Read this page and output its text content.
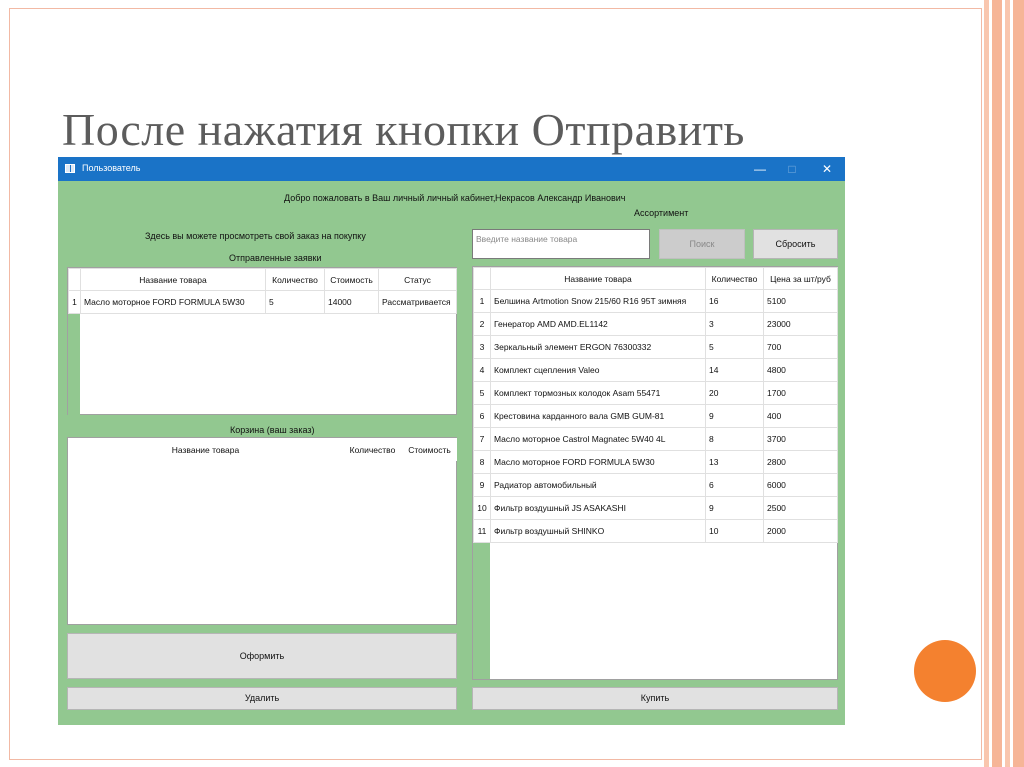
После нажатия кнопки Отправить
Пользователь	—	□	✕
Добро пожаловать в Ваш личный личный кабинет, Некрасов Александр Иванович
Ассортимент
Здесь вы можете просмотреть свой заказ на покупку
Отправленные заявки
Введите название товара	Поиск	Сбросить
	Название товара	Количество	Стоимость	Статус
1	Масло моторное FORD FORMULA 5W30	5	14000	Рассматривается
Корзина (ваш заказ)
Название товара	Количество	Стоимость
Оформить
Удалить
	Название товара	Количество	Цена за шт/руб
1	Белшина Artmotion Snow 215/60 R16 95T зимняя	16	5100
2	Генератор AMD AMD.EL1142	3	23000
3	Зеркальный элемент ERGON 76300332	5	700
4	Комплект сцепления Valeo	14	4800
5	Комплект тормозных колодок Asam 55471	20	1700
6	Крестовина карданного вала GMB GUM-81	9	400
7	Масло моторное Castrol Magnatec 5W40 4L	8	3700
8	Масло моторное FORD FORMULA 5W30	13	2800
9	Радиатор автомобильный	6	6000
10	Фильтр воздушный JS ASAKASHI	9	2500
11	Фильтр воздушный SHINKO	10	2000
Купить
